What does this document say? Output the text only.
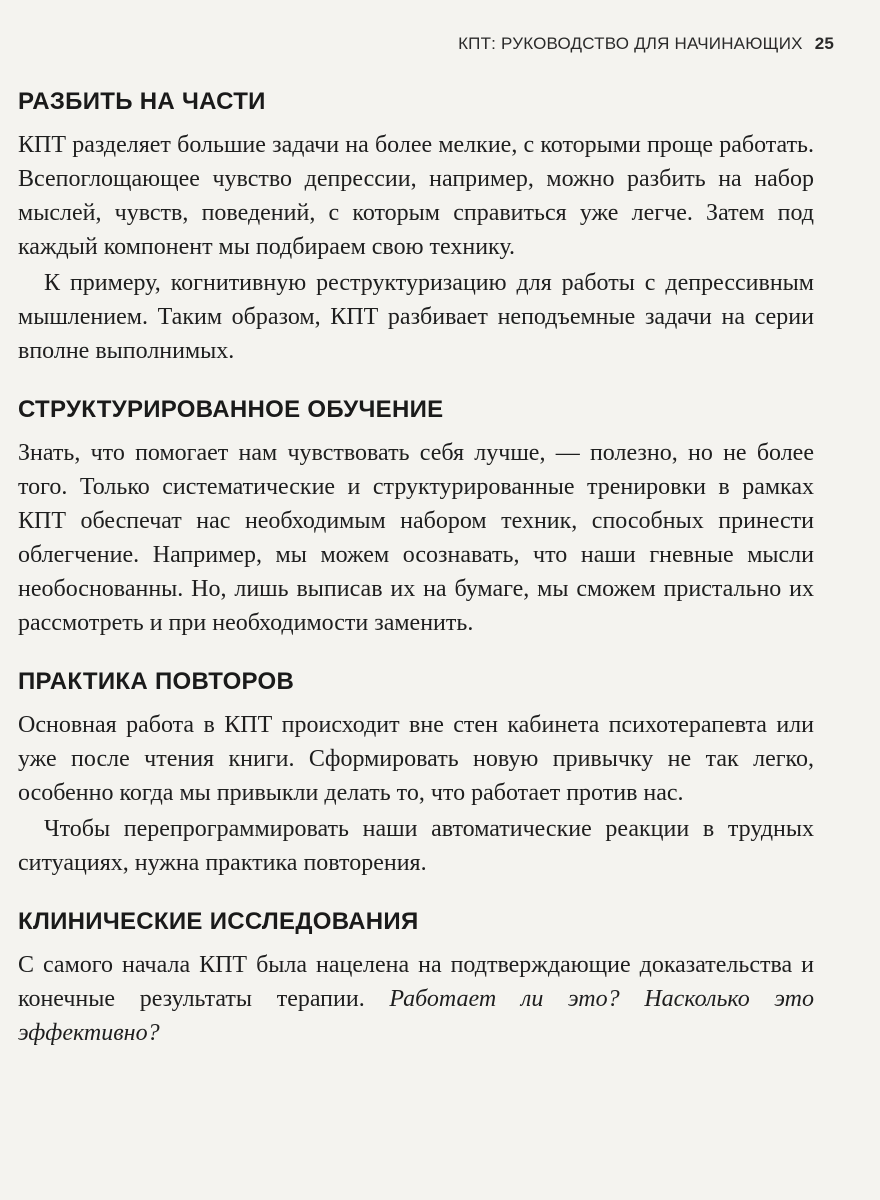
КПТ: РУКОВОДСТВО ДЛЯ НАЧИНАЮЩИХ 25
РАЗБИТЬ НА ЧАСТИ

КПТ разделяет большие задачи на более мелкие, с которыми проще работать. Всепоглощающее чувство депрессии, например, можно разбить на набор мыслей, чувств, поведений, с которым справиться уже легче. Затем под каждый компонент мы подбираем свою технику.

К примеру, когнитивную реструктуризацию для работы с депрессивным мышлением. Таким образом, КПТ разбивает неподъемные задачи на серии вполне выполнимых.

СТРУКТУРИРОВАННОЕ ОБУЧЕНИЕ

Знать, что помогает нам чувствовать себя лучше, — полезно, но не более того. Только систематические и структурированные тренировки в рамках КПТ обеспечат нас необходимым набором техник, способных принести облегчение. Например, мы можем осознавать, что наши гневные мысли необоснованны. Но, лишь выписав их на бумаге, мы сможем пристально их рассмотреть и при необходимости заменить.

ПРАКТИКА ПОВТОРОВ

Основная работа в КПТ происходит вне стен кабинета психотерапевта или уже после чтения книги. Сформировать новую привычку не так легко, особенно когда мы привыкли делать то, что работает против нас.

Чтобы перепрограммировать наши автоматические реакции в трудных ситуациях, нужна практика повторения.

КЛИНИЧЕСКИЕ ИССЛЕДОВАНИЯ

С самого начала КПТ была нацелена на подтверждающие доказательства и конечные результаты терапии. Работает ли это? Насколько это эффективно?
